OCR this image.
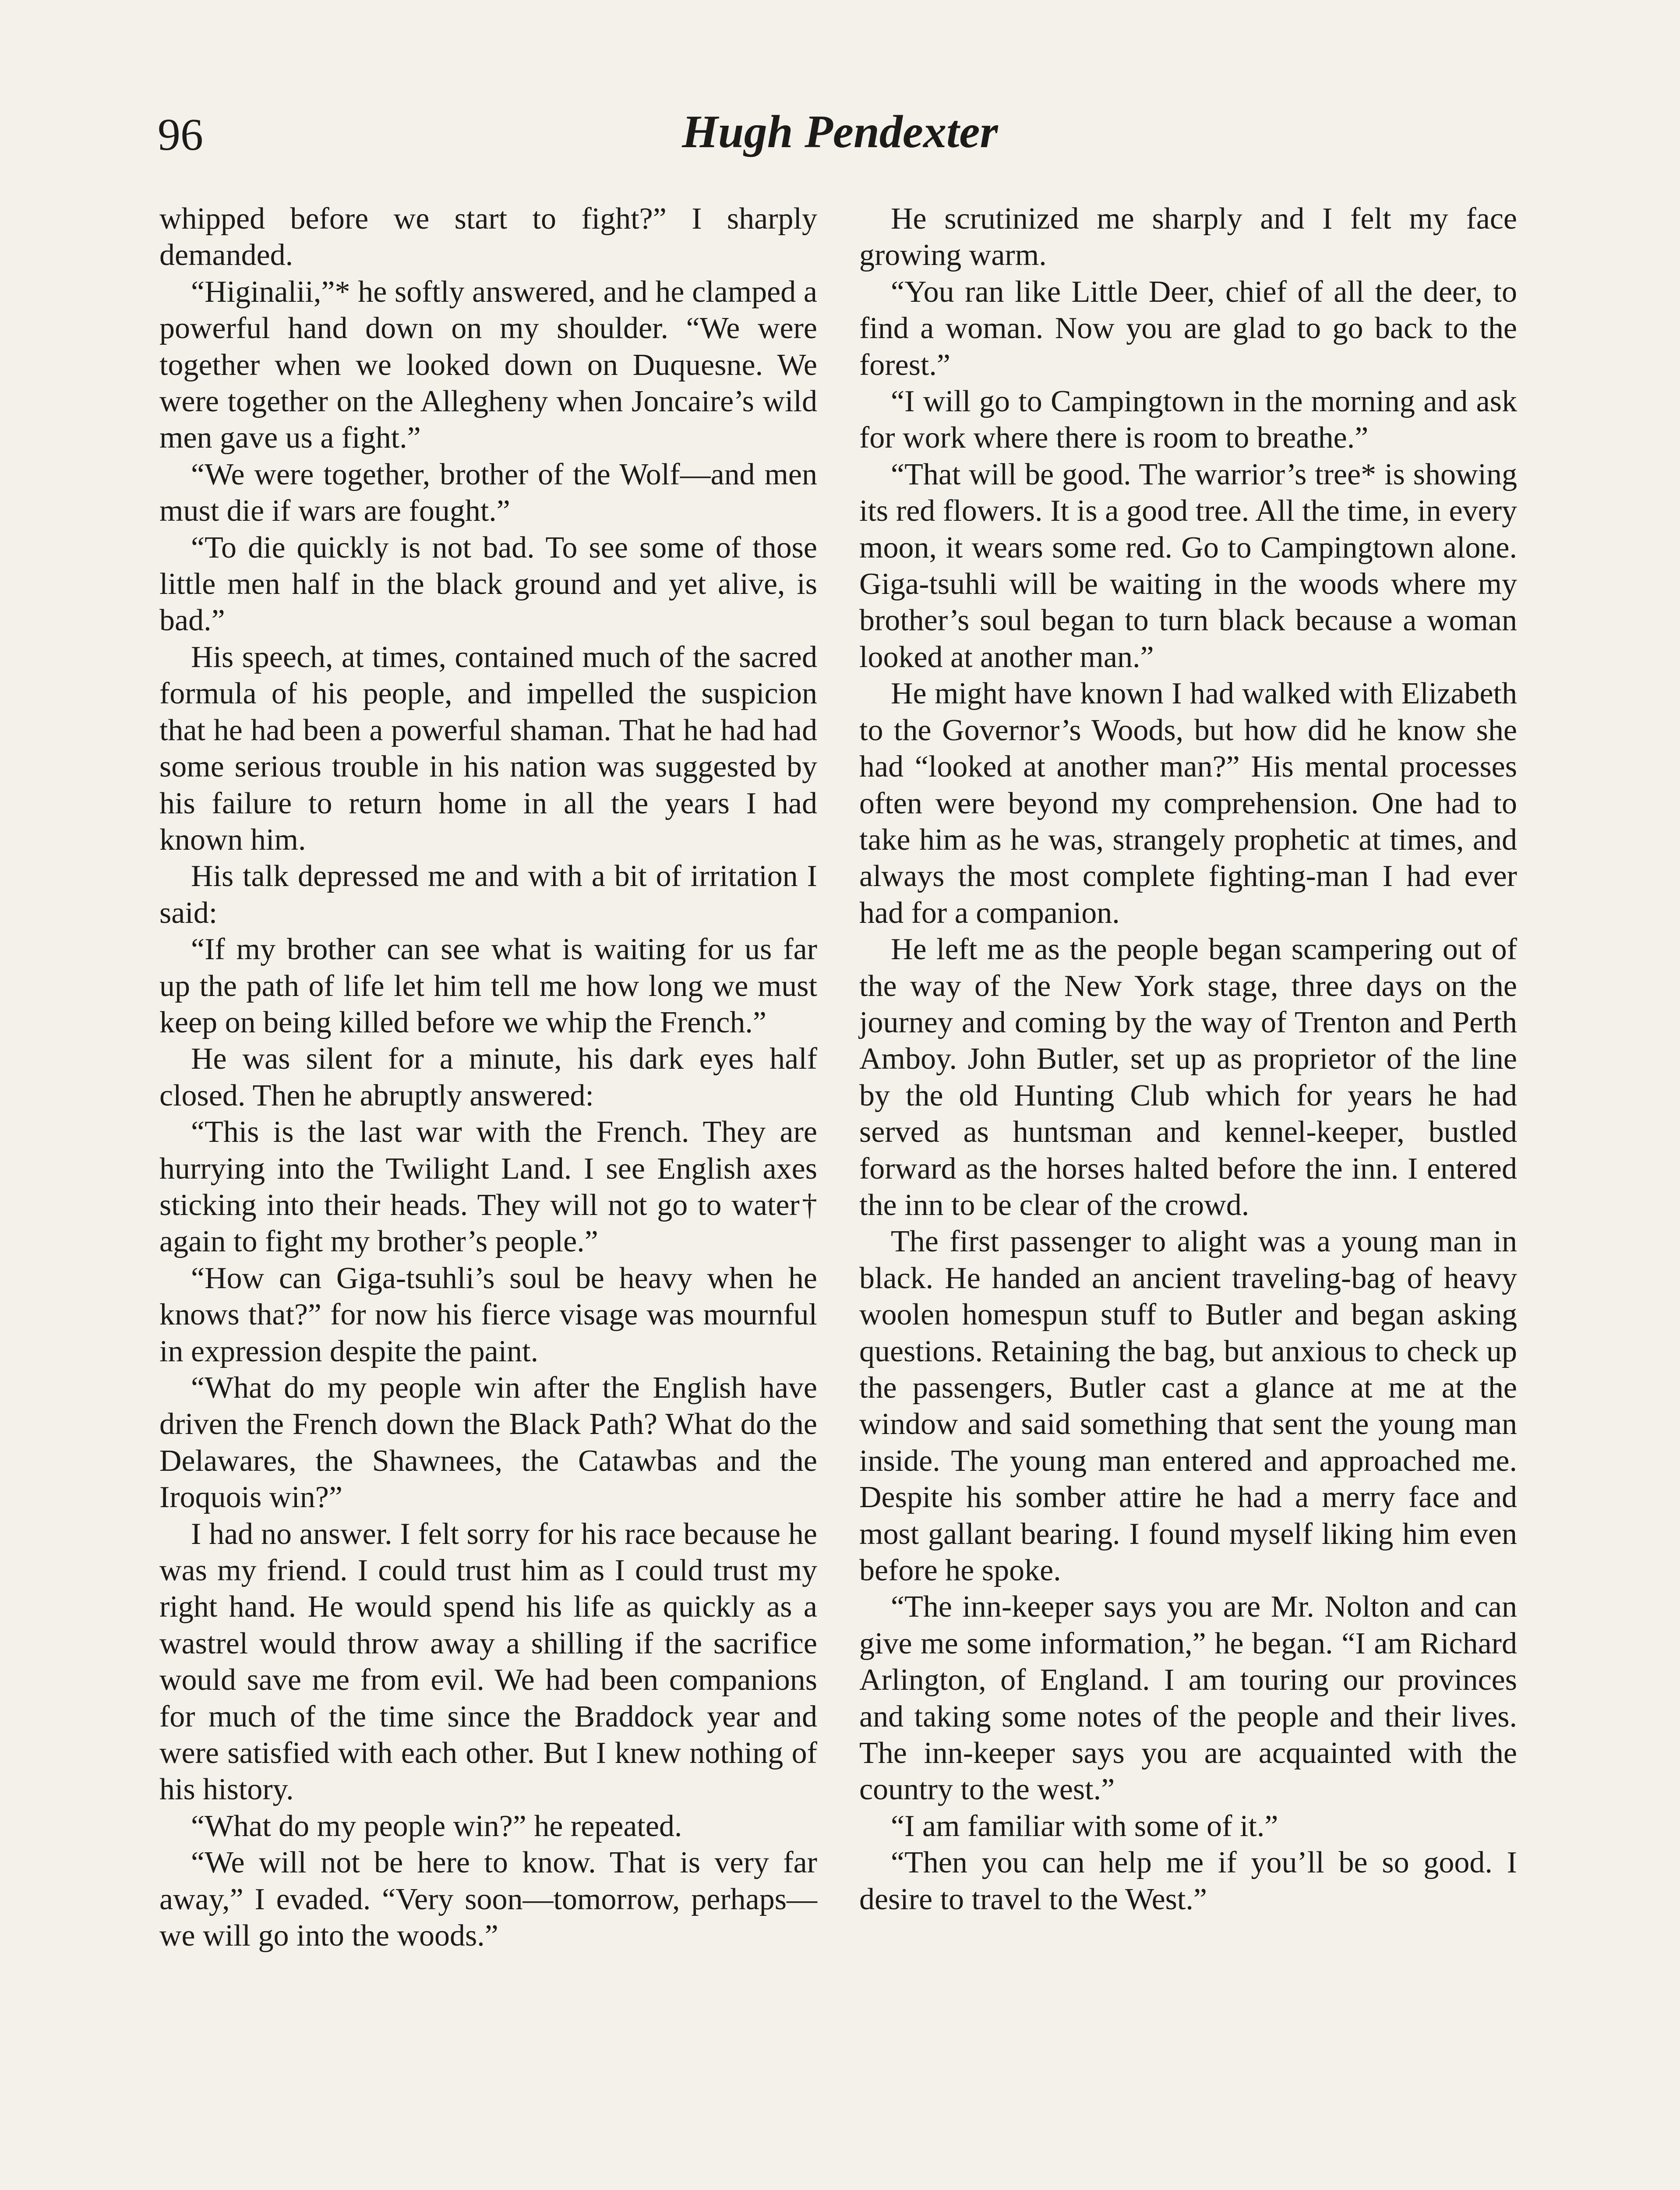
96	Hugh Pendexter

whipped before we start to fight?” I sharply demanded.

“Higinalii,”* he softly answered, and he clamped a powerful hand down on my shoulder. “We were together when we looked down on Duquesne. We were together on the Allegheny when Joncaire’s wild men gave us a fight.”

“We were together, brother of the Wolf—and men must die if wars are fought.”

“To die quickly is not bad. To see some of those little men half in the black ground and yet alive, is bad.”

His speech, at times, contained much of the sacred formula of his people, and impelled the suspicion that he had been a powerful shaman. That he had had some serious trouble in his nation was suggested by his failure to return home in all the years I had known him.

His talk depressed me and with a bit of irritation I said:

“If my brother can see what is waiting for us far up the path of life let him tell me how long we must keep on being killed before we whip the French.”

He was silent for a minute, his dark eyes half closed. Then he abruptly answered:

“This is the last war with the French. They are hurrying into the Twilight Land. I see English axes sticking into their heads. They will not go to water† again to fight my brother’s people.”

“How can Giga-tsuhli’s soul be heavy when he knows that?” for now his fierce visage was mournful in expression despite the paint.

“What do my people win after the English have driven the French down the Black Path? What do the Delawares, the Shawnees, the Catawbas and the Iroquois win?”

I had no answer. I felt sorry for his race because he was my friend. I could trust him as I could trust my right hand. He would spend his life as quickly as a wastrel would throw away a shilling if the sacrifice would save me from evil. We had been companions for much of the time since the Braddock year and were satisfied with each other. But I knew nothing of his history.

“What do my people win?” he repeated.

“We will not be here to know. That is very far away,” I evaded. “Very soon—tomorrow, perhaps—we will go into the woods.”

He scrutinized me sharply and I felt my face growing warm.

“You ran like Little Deer, chief of all the deer, to find a woman. Now you are glad to go back to the forest.”

“I will go to Campingtown in the morning and ask for work where there is room to breathe.”

“That will be good. The warrior’s tree* is showing its red flowers. It is a good tree. All the time, in every moon, it wears some red. Go to Campingtown alone. Giga-tsuhli will be waiting in the woods where my brother’s soul began to turn black because a woman looked at another man.”

He might have known I had walked with Elizabeth to the Governor’s Woods, but how did he know she had “looked at another man?” His mental processes often were beyond my comprehension. One had to take him as he was, strangely prophetic at times, and always the most complete fighting-man I had ever had for a companion.

He left me as the people began scampering out of the way of the New York stage, three days on the journey and coming by the way of Trenton and Perth Amboy. John Butler, set up as proprietor of the line by the old Hunting Club which for years he had served as huntsman and kennel-keeper, bustled forward as the horses halted before the inn. I entered the inn to be clear of the crowd.

The first passenger to alight was a young man in black. He handed an ancient traveling-bag of heavy woolen homespun stuff to Butler and began asking questions. Retaining the bag, but anxious to check up the passengers, Butler cast a glance at me at the window and said something that sent the young man inside. The young man entered and approached me. Despite his somber attire he had a merry face and most gallant bearing. I found myself liking him even before he spoke.

“The inn-keeper says you are Mr. Nolton and can give me some information,” he began. “I am Richard Arlington, of England. I am touring our provinces and taking some notes of the people and their lives. The inn-keeper says you are acquainted with the country to the west.”

“I am familiar with some of it.”

“Then you can help me if you’ll be so good. I desire to travel to the West.”
